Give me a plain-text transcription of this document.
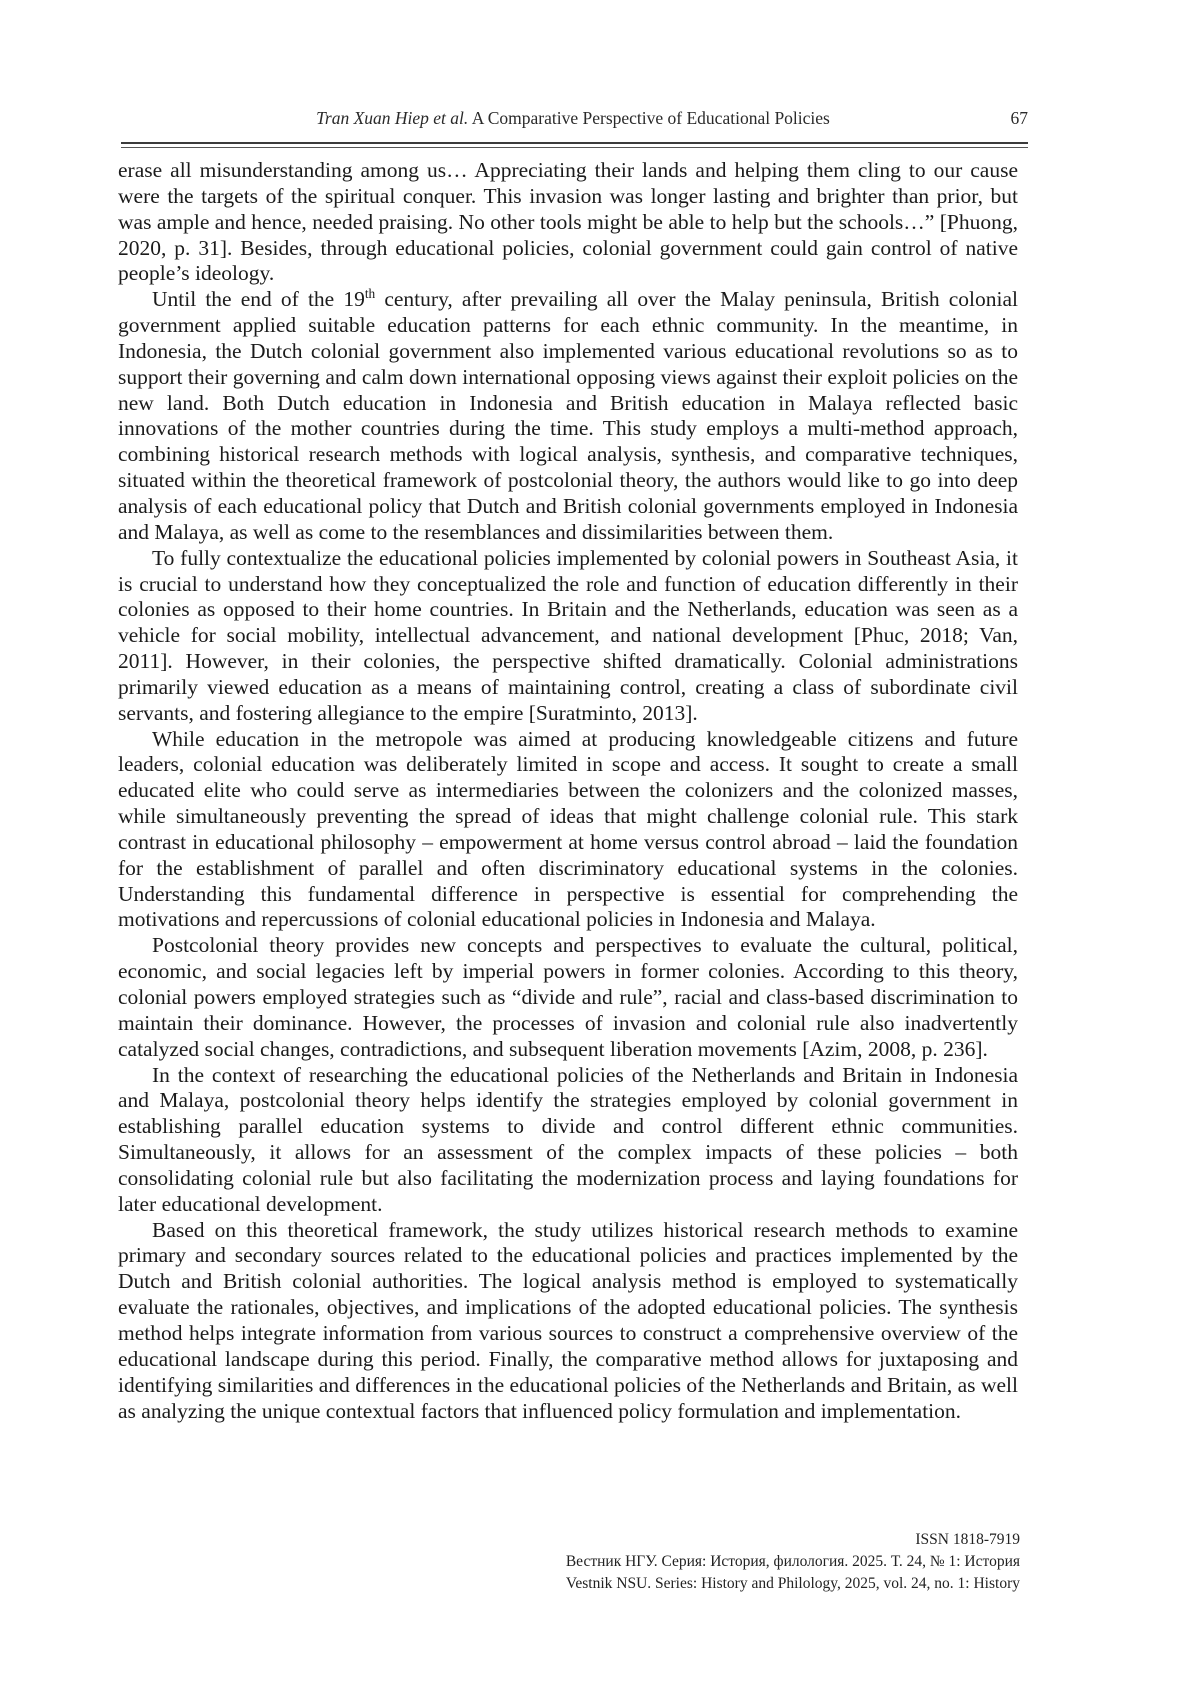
Tran Xuan Hiep et al. A Comparative Perspective of Educational Policies	67

erase all misunderstanding among us… Appreciating their lands and helping them cling to our cause were the targets of the spiritual conquer. This invasion was longer lasting and brighter than prior, but was ample and hence, needed praising. No other tools might be able to help but the schools…” [Phuong, 2020, p. 31]. Besides, through educational policies, colonial government could gain control of native people’s ideology.

Until the end of the 19th century, after prevailing all over the Malay peninsula, British colonial government applied suitable education patterns for each ethnic community. In the meantime, in Indonesia, the Dutch colonial government also implemented various educational revolutions so as to support their governing and calm down international opposing views against their exploit policies on the new land. Both Dutch education in Indonesia and British education in Malaya reflected basic innovations of the mother countries during the time. This study employs a multi-method approach, combining historical research methods with logical analysis, synthesis, and comparative techniques, situated within the theoretical framework of postcolonial theory, the authors would like to go into deep analysis of each educational policy that Dutch and British colonial governments employed in Indonesia and Malaya, as well as come to the resemblances and dissimilarities between them.

To fully contextualize the educational policies implemented by colonial powers in Southeast Asia, it is crucial to understand how they conceptualized the role and function of education differently in their colonies as opposed to their home countries. In Britain and the Netherlands, education was seen as a vehicle for social mobility, intellectual advancement, and national development [Phuc, 2018; Van, 2011]. However, in their colonies, the perspective shifted dramatically. Colonial administrations primarily viewed education as a means of maintaining control, creating a class of subordinate civil servants, and fostering allegiance to the empire [Suratminto, 2013].

While education in the metropole was aimed at producing knowledgeable citizens and future leaders, colonial education was deliberately limited in scope and access. It sought to create a small educated elite who could serve as intermediaries between the colonizers and the colonized masses, while simultaneously preventing the spread of ideas that might challenge colonial rule. This stark contrast in educational philosophy – empowerment at home versus control abroad – laid the foundation for the establishment of parallel and often discriminatory educational systems in the colonies. Understanding this fundamental difference in perspective is essential for comprehending the motivations and repercussions of colonial educational policies in Indonesia and Malaya.

Postcolonial theory provides new concepts and perspectives to evaluate the cultural, political, economic, and social legacies left by imperial powers in former colonies. According to this theory, colonial powers employed strategies such as “divide and rule”, racial and class-based discrimination to maintain their dominance. However, the processes of invasion and colonial rule also inadvertently catalyzed social changes, contradictions, and subsequent liberation movements [Azim, 2008, p. 236].

In the context of researching the educational policies of the Netherlands and Britain in Indonesia and Malaya, postcolonial theory helps identify the strategies employed by colonial government in establishing parallel education systems to divide and control different ethnic communities. Simultaneously, it allows for an assessment of the complex impacts of these policies – both consolidating colonial rule but also facilitating the modernization process and laying foundations for later educational development.

Based on this theoretical framework, the study utilizes historical research methods to examine primary and secondary sources related to the educational policies and practices implemented by the Dutch and British colonial authorities. The logical analysis method is employed to systematically evaluate the rationales, objectives, and implications of the adopted educational policies. The synthesis method helps integrate information from various sources to construct a comprehensive overview of the educational landscape during this period. Finally, the comparative method allows for juxtaposing and identifying similarities and differences in the educational policies of the Netherlands and Britain, as well as analyzing the unique contextual factors that influenced policy formulation and implementation.

ISSN 1818-7919
Вестник НГУ. Серия: История, филология. 2025. Т. 24, № 1: История
Vestnik NSU. Series: History and Philology, 2025, vol. 24, no. 1: History
